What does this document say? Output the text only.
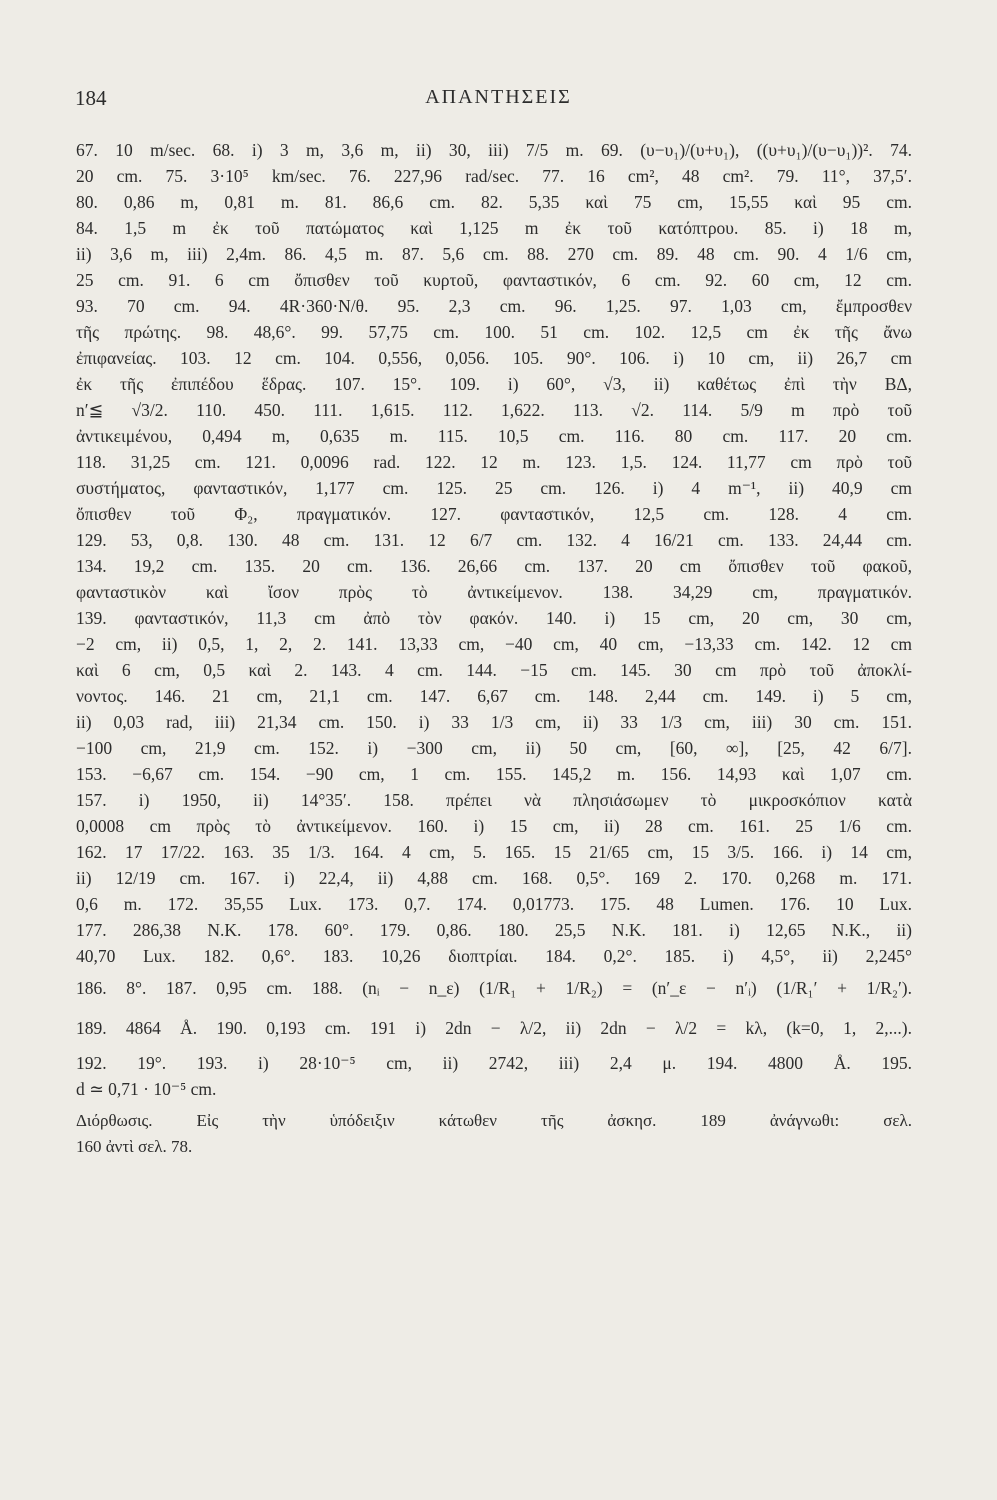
184	ΑΠΑΝΤΗΣΕΙΣ
67. 10 m/sec. 68. i) 3 m, 3,6 m, ii) 30, iii) 7/5 m. 69. (υ−υ₁)/(υ+υ₁), ((υ+υ₁)/(υ−υ₁))². 74.
20 cm. 75. 3·10⁵ km/sec. 76. 227,96 rad/sec. 77. 16 cm², 48 cm². 79. 11°, 37,5′.
80. 0,86 m, 0,81 m. 81. 86,6 cm. 82. 5,35 καὶ 75 cm, 15,55 καὶ 95 cm.
84. 1,5 m ἐκ τοῦ πατώματος καὶ 1,125 m ἐκ τοῦ κατόπτρου. 85. i) 18 m,
ii) 3,6 m, iii) 2,4m. 86. 4,5 m. 87. 5,6 cm. 88. 270 cm. 89. 48 cm. 90. 4 1/6 cm,
25 cm. 91. 6 cm ὄπισθεν τοῦ κυρτοῦ, φανταστικόν, 6 cm. 92. 60 cm, 12 cm.
93. 70 cm. 94. 4R·360·N/θ. 95. 2,3 cm. 96. 1,25. 97. 1,03 cm, ἔμπροσθεν
τῆς πρώτης. 98. 48,6°. 99. 57,75 cm. 100. 51 cm. 102. 12,5 cm ἐκ τῆς ἄνω
ἐπιφανείας. 103. 12 cm. 104. 0,556, 0,056. 105. 90°. 106. i) 10 cm, ii) 26,7 cm
ἐκ τῆς ἐπιπέδου ἕδρας. 107. 15°. 109. i) 60°, √3, ii) καθέτως ἐπὶ τὴν ΒΔ,
n′≦ √3/2. 110. 450. 111. 1,615. 112. 1,622. 113. √2. 114. 5/9 m πρὸ τοῦ
ἀντικειμένου, 0,494 m, 0,635 m. 115. 10,5 cm. 116. 80 cm. 117. 20 cm.
118. 31,25 cm. 121. 0,0096 rad. 122. 12 m. 123. 1,5. 124. 11,77 cm πρὸ τοῦ
συστήματος, φανταστικόν, 1,177 cm. 125. 25 cm. 126. i) 4 m⁻¹, ii) 40,9 cm
ὄπισθεν τοῦ Φ₂, πραγματικόν. 127. φανταστικόν, 12,5 cm. 128. 4 cm.
129. 53, 0,8. 130. 48 cm. 131. 12 6/7 cm. 132. 4 16/21 cm. 133. 24,44 cm.
134. 19,2 cm. 135. 20 cm. 136. 26,66 cm. 137. 20 cm ὄπισθεν τοῦ φακοῦ,
φανταστικὸν καὶ ἴσον πρὸς τὸ ἀντικείμενον. 138. 34,29 cm, πραγματικόν.
139. φανταστικόν, 11,3 cm ἀπὸ τὸν φακόν. 140. i) 15 cm, 20 cm, 30 cm,
−2 cm, ii) 0,5, 1, 2, 2. 141. 13,33 cm, −40 cm, 40 cm, −13,33 cm. 142. 12 cm
καὶ 6 cm, 0,5 καὶ 2. 143. 4 cm. 144. −15 cm. 145. 30 cm πρὸ τοῦ ἀποκλί-
νοντος. 146. 21 cm, 21,1 cm. 147. 6,67 cm. 148. 2,44 cm. 149. i) 5 cm,
ii) 0,03 rad, iii) 21,34 cm. 150. i) 33 1/3 cm, ii) 33 1/3 cm, iii) 30 cm. 151.
−100 cm, 21,9 cm. 152. i) −300 cm, ii) 50 cm, [60, ∞], [25, 42 6/7].
153. −6,67 cm. 154. −90 cm, 1 cm. 155. 145,2 m. 156. 14,93 καὶ 1,07 cm.
157. i) 1950, ii) 14°35′. 158. πρέπει νὰ πλησιάσωμεν τὸ μικροσκόπιον κατὰ
0,0008 cm πρὸς τὸ ἀντικείμενον. 160. i) 15 cm, ii) 28 cm. 161. 25 1/6 cm.
162. 17 17/22. 163. 35 1/3. 164. 4 cm, 5. 165. 15 21/65 cm, 15 3/5. 166. i) 14 cm,
ii) 12/19 cm. 167. i) 22,4, ii) 4,88 cm. 168. 0,5°. 169 2. 170. 0,268 m. 171.
0,6 m. 172. 35,55 Lux. 173. 0,7. 174. 0,01773. 175. 48 Lumen. 176. 10 Lux.
177. 286,38 N.K. 178. 60°. 179. 0,86. 180. 25,5 N.K. 181. i) 12,65 N.K., ii)
40,70 Lux. 182. 0,6°. 183. 10,26 διοπτρίαι. 184. 0,2°. 185. i) 4,5°, ii) 2,245°
186. 8°. 187. 0,95 cm. 188. (nᵢ − n_ε) (1/R₁ + 1/R₂) = (n′_ε − n′ᵢ) (1/R₁′ + 1/R₂′).
189. 4864 Å. 190. 0,193 cm. 191 i) 2dn − λ/2, ii) 2dn − λ/2 = kλ, (k=0, 1, 2,...).
192. 19°. 193. i) 28·10⁻⁵ cm, ii) 2742, iii) 2,4 μ. 194. 4800 Å. 195.
d ≃ 0,71 · 10⁻⁵ cm.
Διόρθωσις. Εἰς τὴν ὑπόδειξιν κάτωθεν τῆς ἀσκησ. 189 ἀνάγνωθι: σελ.
160 ἀντὶ σελ. 78.
